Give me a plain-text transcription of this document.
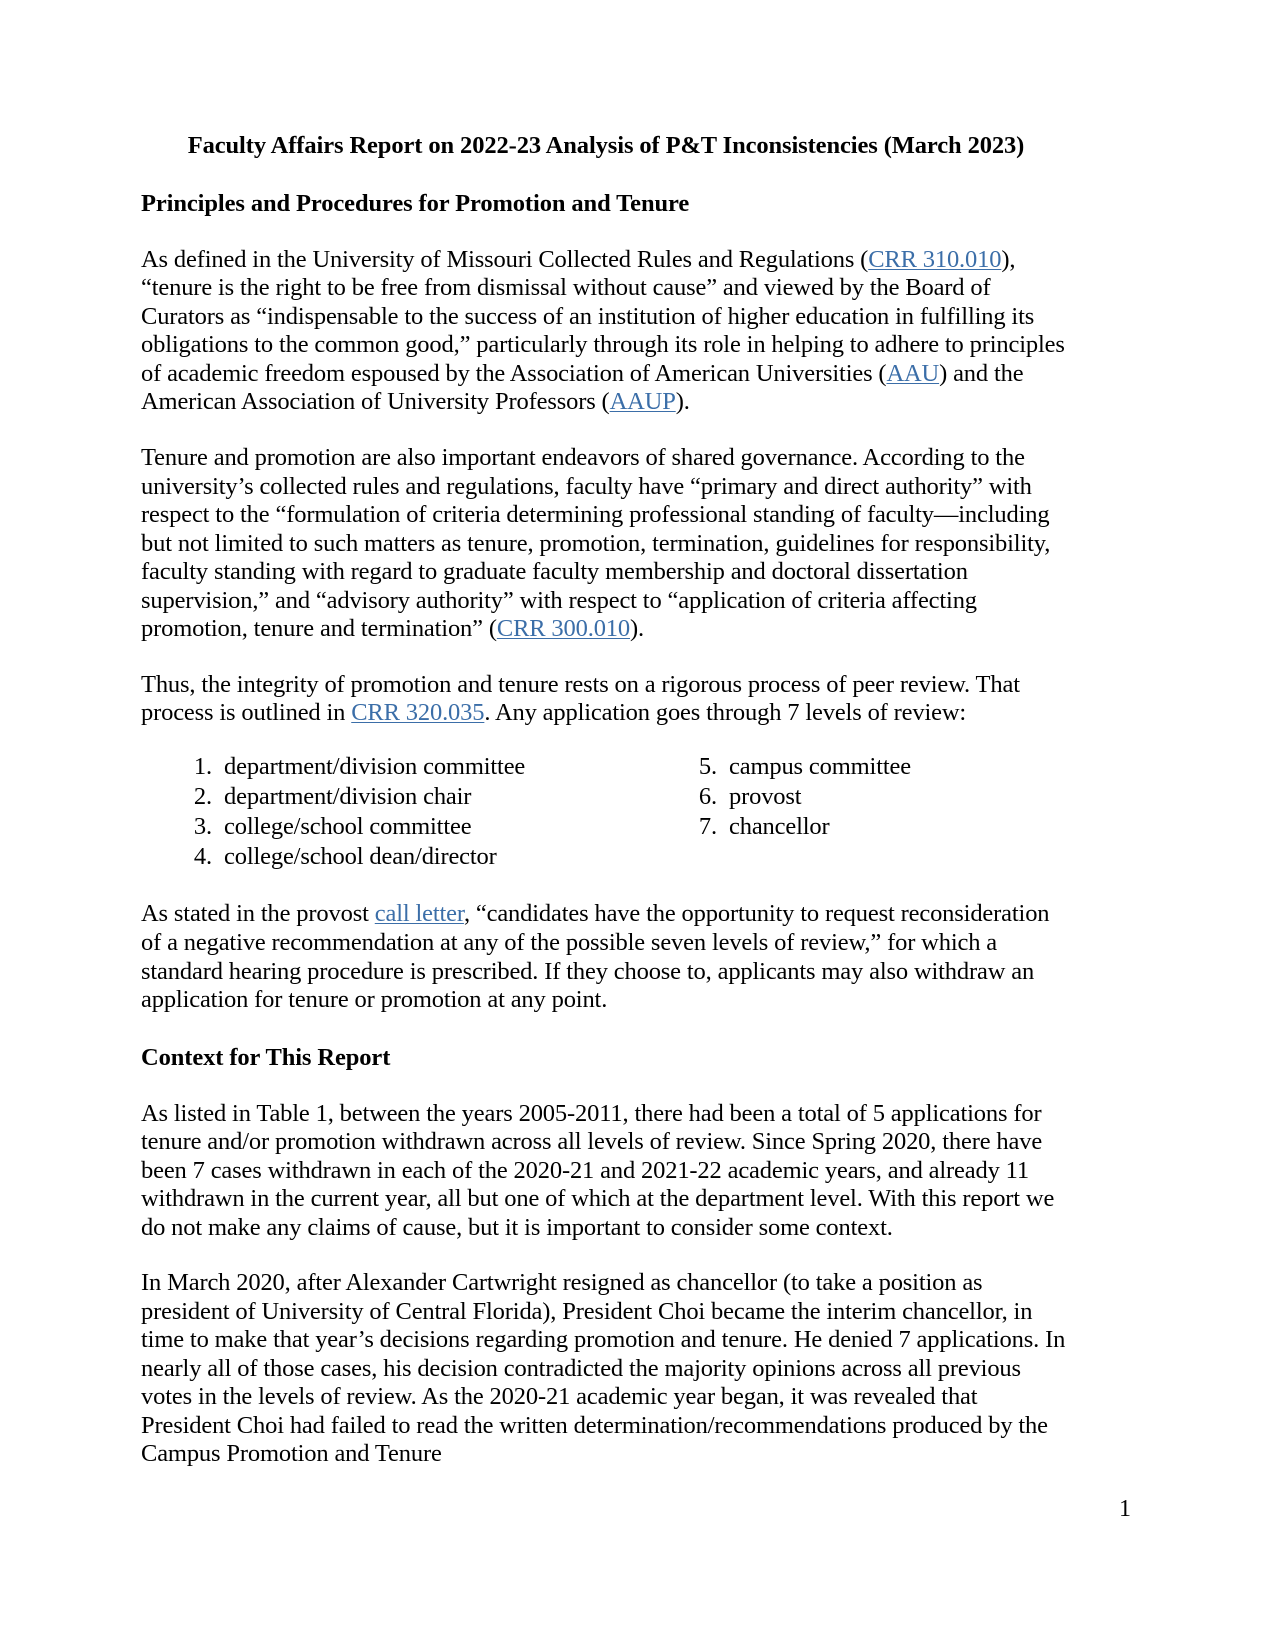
Faculty Affairs Report on 2022-23 Analysis of P&T Inconsistencies (March 2023)
Principles and Procedures for Promotion and Tenure

As defined in the University of Missouri Collected Rules and Regulations (CRR 310.010), “tenure is the right to be free from dismissal without cause” and viewed by the Board of Curators as “indispensable to the success of an institution of higher education in fulfilling its obligations to the common good,” particularly through its role in helping to adhere to principles of academic freedom espoused by the Association of American Universities (AAU) and the American Association of University Professors (AAUP).

Tenure and promotion are also important endeavors of shared governance. According to the university’s collected rules and regulations, faculty have “primary and direct authority” with respect to the “formulation of criteria determining professional standing of faculty—including but not limited to such matters as tenure, promotion, termination, guidelines for responsibility, faculty standing with regard to graduate faculty membership and doctoral dissertation supervision,” and “advisory authority” with respect to “application of criteria affecting promotion, tenure and termination” (CRR 300.010).

Thus, the integrity of promotion and tenure rests on a rigorous process of peer review. That process is outlined in CRR 320.035. Any application goes through 7 levels of review:

1. department/division committee
2. department/division chair
3. college/school committee
4. college/school dean/director
5. campus committee
6. provost
7. chancellor

As stated in the provost call letter, “candidates have the opportunity to request reconsideration of a negative recommendation at any of the possible seven levels of review,” for which a standard hearing procedure is prescribed. If they choose to, applicants may also withdraw an application for tenure or promotion at any point.

Context for This Report

As listed in Table 1, between the years 2005-2011, there had been a total of 5 applications for tenure and/or promotion withdrawn across all levels of review. Since Spring 2020, there have been 7 cases withdrawn in each of the 2020-21 and 2021-22 academic years, and already 11 withdrawn in the current year, all but one of which at the department level. With this report we do not make any claims of cause, but it is important to consider some context.

In March 2020, after Alexander Cartwright resigned as chancellor (to take a position as president of University of Central Florida), President Choi became the interim chancellor, in time to make that year’s decisions regarding promotion and tenure. He denied 7 applications. In nearly all of those cases, his decision contradicted the majority opinions across all previous votes in the levels of review. As the 2020-21 academic year began, it was revealed that President Choi had failed to read the written determination/recommendations produced by the Campus Promotion and Tenure

1
